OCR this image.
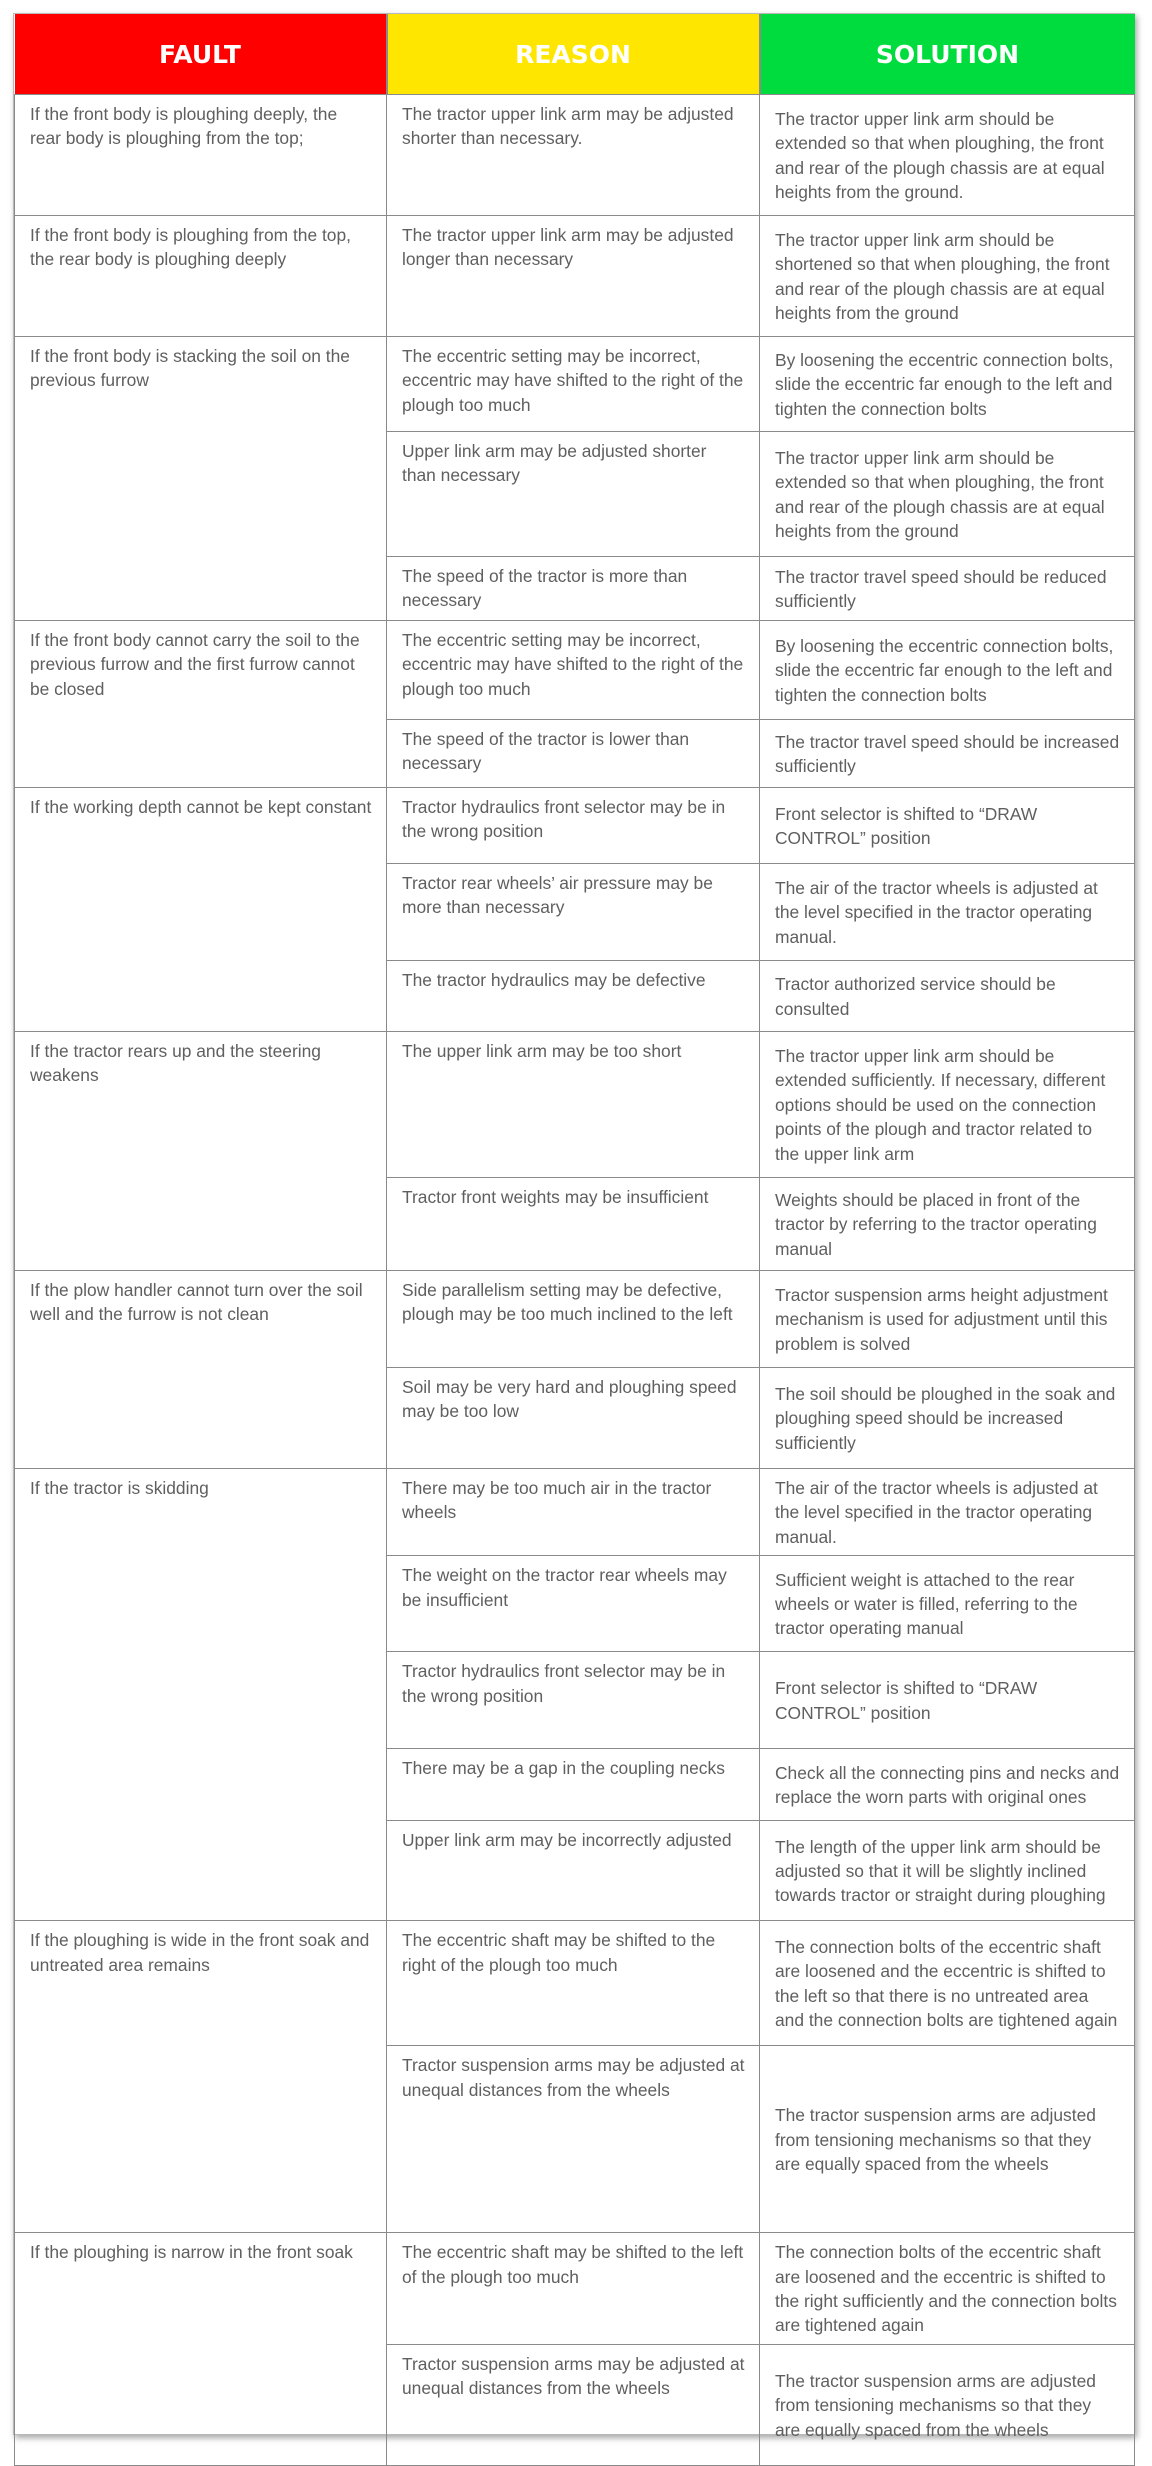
FAULT	REASON	SOLUTION
If the front body is ploughing deeply, the rear body is ploughing from the top;	The tractor upper link arm may be adjusted shorter than necessary.	The tractor upper link arm should be extended so that when ploughing, the front and rear of the plough chassis are at equal heights from the ground.
If the front body is ploughing from the top, the rear body is ploughing deeply	The tractor upper link arm may be adjusted longer than necessary	The tractor upper link arm should be shortened so that when ploughing, the front and rear of the plough chassis are at equal heights from the ground
If the front body is stacking the soil on the previous furrow	The eccentric setting may be incorrect, eccentric may have shifted to the right of the plough too much	By loosening the eccentric connection bolts, slide the eccentric far enough to the left and tighten the connection bolts
	Upper link arm may be adjusted shorter than necessary	The tractor upper link arm should be extended so that when ploughing, the front and rear of the plough chassis are at equal heights from the ground
	The speed of the tractor is more than necessary	The tractor travel speed should be reduced sufficiently
If the front body cannot carry the soil to the previous furrow and the first furrow cannot be closed	The eccentric setting may be incorrect, eccentric may have shifted to the right of the plough too much	By loosening the eccentric connection bolts, slide the eccentric far enough to the left and tighten the connection bolts
	The speed of the tractor is lower than necessary	The tractor travel speed should be increased sufficiently
If the working depth cannot be kept constant	Tractor hydraulics front selector may be in the wrong position	Front selector is shifted to “DRAW CONTROL” position
	Tractor rear wheels’ air pressure may be more than necessary	The air of the tractor wheels is adjusted at the level specified in the tractor operating manual.
	The tractor hydraulics may be defective	Tractor authorized service should be consulted
If the tractor rears up and the steering weakens	The upper link arm may be too short	The tractor upper link arm should be extended sufficiently. If necessary, different options should be used on the connection points of the plough and tractor related to the upper link arm
	Tractor front weights may be insufficient	Weights should be placed in front of the tractor by referring to the tractor operating manual
If the plow handler cannot turn over the soil well and the furrow is not clean	Side parallelism setting may be defective, plough may be too much inclined to the left	Tractor suspension arms height adjustment mechanism is used for adjustment until this problem is solved
	Soil may be very hard and ploughing speed may be too low	The soil should be ploughed in the soak and ploughing speed should be increased sufficiently
If the tractor is skidding	There may be too much air in the tractor wheels	The air of the tractor wheels is adjusted at the level specified in the tractor operating manual.
	The weight on the tractor rear wheels may be insufficient	Sufficient weight is attached to the rear wheels or water is filled, referring to the tractor operating manual
	Tractor hydraulics front selector may be in the wrong position	Front selector is shifted to “DRAW CONTROL” position
	There may be a gap in the coupling necks	Check all the connecting pins and necks and replace the worn parts with original ones
	Upper link arm may be incorrectly adjusted	The length of the upper link arm should be adjusted so that it will be slightly inclined towards tractor or straight during ploughing
If the ploughing is wide in the front soak and untreated area remains	The eccentric shaft may be shifted to the right of the plough too much	The connection bolts of the eccentric shaft are loosened and the eccentric is shifted to the left so that there is no untreated area and the connection bolts are tightened again
	Tractor suspension arms may be adjusted at unequal distances from the wheels	The tractor suspension arms are adjusted from tensioning mechanisms so that they are equally spaced from the wheels
If the ploughing is narrow in the front soak	The eccentric shaft may be shifted to the left of the plough too much	The connection bolts of the eccentric shaft are loosened and the eccentric is shifted to the right sufficiently and the connection bolts are tightened again
	Tractor suspension arms may be adjusted at unequal distances from the wheels	The tractor suspension arms are adjusted from tensioning mechanisms so that they are equally spaced from the wheels
